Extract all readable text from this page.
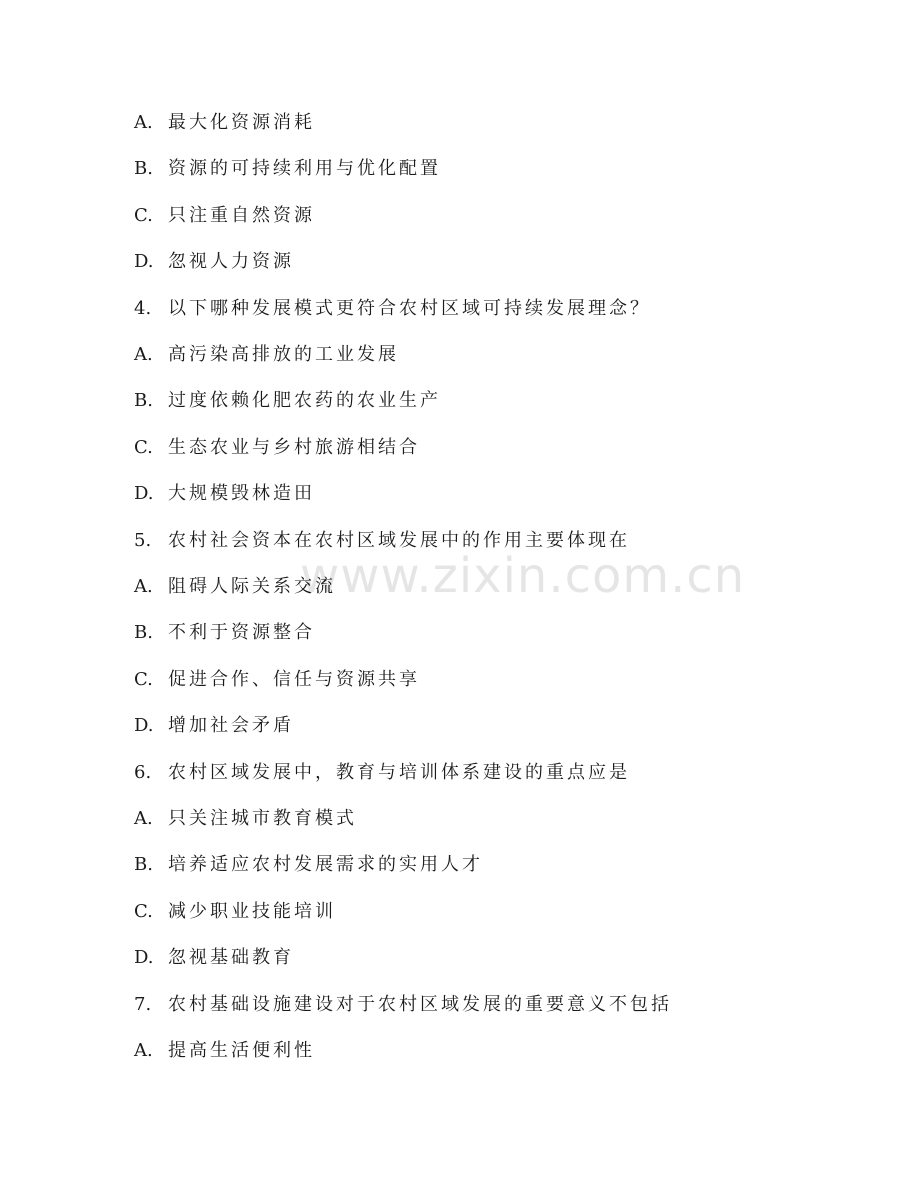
A. 最大化资源消耗
B. 资源的可持续利用与优化配置
C. 只注重自然资源
D. 忽视人力资源
4. 以下哪种发展模式更符合农村区域可持续发展理念？
A. 高污染高排放的工业发展
B. 过度依赖化肥农药的农业生产
C. 生态农业与乡村旅游相结合
D. 大规模毁林造田
5. 农村社会资本在农村区域发展中的作用主要体现在
A. 阻碍人际关系交流
B. 不利于资源整合
C. 促进合作、信任与资源共享
D. 增加社会矛盾
6. 农村区域发展中，教育与培训体系建设的重点应是
A. 只关注城市教育模式
B. 培养适应农村发展需求的实用人才
C. 减少职业技能培训
D. 忽视基础教育
7. 农村基础设施建设对于农村区域发展的重要意义不包括
A. 提高生活便利性
www.zixin.com.cn
